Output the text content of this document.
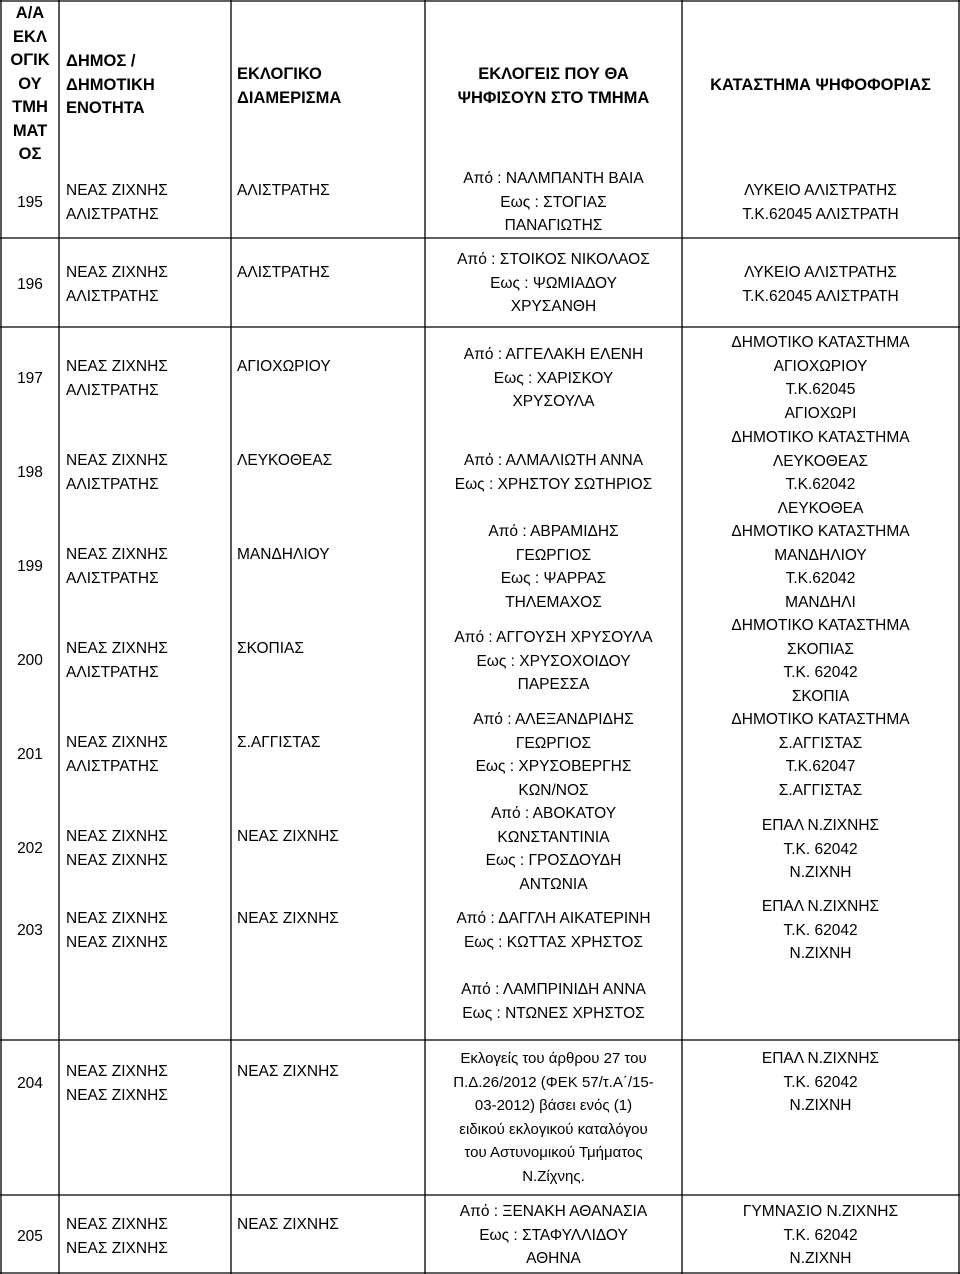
Α/Α
ΕΚΛ
ΟΓΙΚ
ΟΥ
ΤΜΗ
ΜΑΤ
ΟΣ
ΔΗΜΟΣ /
ΔΗΜΟΤΙΚΗ
ΕΝΟΤΗΤΑ
ΕΚΛΟΓΙΚΟ
ΔΙΑΜΕΡΙΣΜΑ
ΕΚΛΟΓΕΙΣ ΠΟΥ ΘΑ
ΨΗΦΙΣΟΥΝ ΣΤΟ ΤΜΗΜΑ
ΚΑΤΑΣΤΗΜΑ ΨΗΦΟΦΟΡΙΑΣ
195
ΝΕΑΣ ΖΙΧΝΗΣ
ΑΛΙΣΤΡΑΤΗΣ
ΑΛΙΣΤΡΑΤΗΣ
Από : ΝΑΛΜΠΑΝΤΗ ΒΑΙΑ
Εως : ΣΤΟΓΙΑΣ
ΠΑΝΑΓΙΩΤΗΣ
ΛΥΚΕΙΟ ΑΛΙΣΤΡΑΤΗΣ
Τ.Κ.62045 ΑΛΙΣΤΡΑΤΗ
196
ΝΕΑΣ ΖΙΧΝΗΣ
ΑΛΙΣΤΡΑΤΗΣ
ΑΛΙΣΤΡΑΤΗΣ
Από : ΣΤΟΙΚΟΣ ΝΙΚΟΛΑΟΣ
Εως : ΨΩΜΙΑΔΟΥ
ΧΡΥΣΑΝΘΗ
ΛΥΚΕΙΟ ΑΛΙΣΤΡΑΤΗΣ
Τ.Κ.62045 ΑΛΙΣΤΡΑΤΗ
197
ΝΕΑΣ ΖΙΧΝΗΣ
ΑΛΙΣΤΡΑΤΗΣ
ΑΓΙΟΧΩΡΙΟΥ
Από : ΑΓΓΕΛΑΚΗ ΕΛΕΝΗ
Εως : ΧΑΡΙΣΚΟΥ
ΧΡΥΣΟΥΛΑ
ΔΗΜΟΤΙΚΟ ΚΑΤΑΣΤΗΜΑ
ΑΓΙΟΧΩΡΙΟΥ
Τ.Κ.62045
ΑΓΙΟΧΩΡΙ
198
ΝΕΑΣ ΖΙΧΝΗΣ
ΑΛΙΣΤΡΑΤΗΣ
ΛΕΥΚΟΘΕΑΣ	Από : ΑΛΜΑΛΙΩΤΗ ΑΝΝΑ
Εως : ΧΡΗΣΤΟΥ ΣΩΤΗΡΙΟΣ
ΔΗΜΟΤΙΚΟ ΚΑΤΑΣΤΗΜΑ
ΛΕΥΚΟΘΕΑΣ
Τ.Κ.62042
ΛΕΥΚΟΘΕΑ
199
ΝΕΑΣ ΖΙΧΝΗΣ
ΑΛΙΣΤΡΑΤΗΣ
ΜΑΝΔΗΛΙΟΥ
Από : ΑΒΡΑΜΙΔΗΣ
ΓΕΩΡΓΙΟΣ
Εως : ΨΑΡΡΑΣ
ΤΗΛΕΜΑΧΟΣ
ΔΗΜΟΤΙΚΟ ΚΑΤΑΣΤΗΜΑ
ΜΑΝΔΗΛΙΟΥ
Τ.Κ.62042
ΜΑΝΔΗΛΙ
200
ΝΕΑΣ ΖΙΧΝΗΣ
ΑΛΙΣΤΡΑΤΗΣ
ΣΚΟΠΙΑΣ
Από : ΑΓΓΟΥΣΗ ΧΡΥΣΟΥΛΑ
Εως : ΧΡΥΣΟΧΟΙΔΟΥ
ΠΑΡΕΣΣΑ
ΔΗΜΟΤΙΚΟ ΚΑΤΑΣΤΗΜΑ
ΣΚΟΠΙΑΣ
Τ.Κ. 62042
ΣΚΟΠΙΑ
201
ΝΕΑΣ ΖΙΧΝΗΣ
ΑΛΙΣΤΡΑΤΗΣ
Σ.ΑΓΓΙΣΤΑΣ
Από : ΑΛΕΞΑΝΔΡΙΔΗΣ
ΓΕΩΡΓΙΟΣ
Εως : ΧΡΥΣΟΒΕΡΓΗΣ
ΚΩΝ/ΝΟΣ
ΔΗΜΟΤΙΚΟ ΚΑΤΑΣΤΗΜΑ
Σ.ΑΓΓΙΣΤΑΣ
Τ.Κ.62047
Σ.ΑΓΓΙΣΤΑΣ
202
ΝΕΑΣ ΖΙΧΝΗΣ
ΝΕΑΣ ΖΙΧΝΗΣ
ΝΕΑΣ ΖΙΧΝΗΣ
Από : ΑΒΟΚΑΤΟΥ
ΚΩΝΣΤΑΝΤΙΝΙΑ
Εως : ΓΡΟΣΔΟΥΔΗ
ΑΝΤΩΝΙΑ
ΕΠΑΛ Ν.ΖΙΧΝΗΣ
Τ.Κ. 62042
Ν.ΖΙΧΝΗ
203
ΝΕΑΣ ΖΙΧΝΗΣ
ΝΕΑΣ ΖΙΧΝΗΣ
ΝΕΑΣ ΖΙΧΝΗΣ	Από : ΔΑΓΓΛΗ ΑΙΚΑΤΕΡΙΝΗ
Εως : ΚΩΤΤΑΣ ΧΡΗΣΤΟΣ
ΕΠΑΛ Ν.ΖΙΧΝΗΣ
Τ.Κ. 62042
Ν.ΖΙΧΝΗ
Από : ΛΑΜΠΡΙΝΙΔΗ ΑΝΝΑ
Εως : ΝΤΩΝΕΣ ΧΡΗΣΤΟΣ
204
ΝΕΑΣ ΖΙΧΝΗΣ
ΝΕΑΣ ΖΙΧΝΗΣ
ΝΕΑΣ ΖΙΧΝΗΣ
Εκλογείς του άρθρου 27 του
Π.Δ.26/2012 (ΦΕΚ 57/τ.Α΄/15-
03-2012) βάσει ενός (1)
ειδικού εκλογικού καταλόγου
του Αστυνομικού Τμήματος
Ν.Ζίχνης.
ΕΠΑΛ Ν.ΖΙΧΝΗΣ
Τ.Κ. 62042
Ν.ΖΙΧΝΗ
205
ΝΕΑΣ ΖΙΧΝΗΣ
ΝΕΑΣ ΖΙΧΝΗΣ
ΝΕΑΣ ΖΙΧΝΗΣ
Από : ΞΕΝΑΚΗ ΑΘΑΝΑΣΙΑ
Εως : ΣΤΑΦΥΛΛΙΔΟΥ
ΑΘΗΝΑ
ΓΥΜΝΑΣΙΟ Ν.ΖΙΧΝΗΣ
Τ.Κ. 62042
Ν.ΖΙΧΝΗ
